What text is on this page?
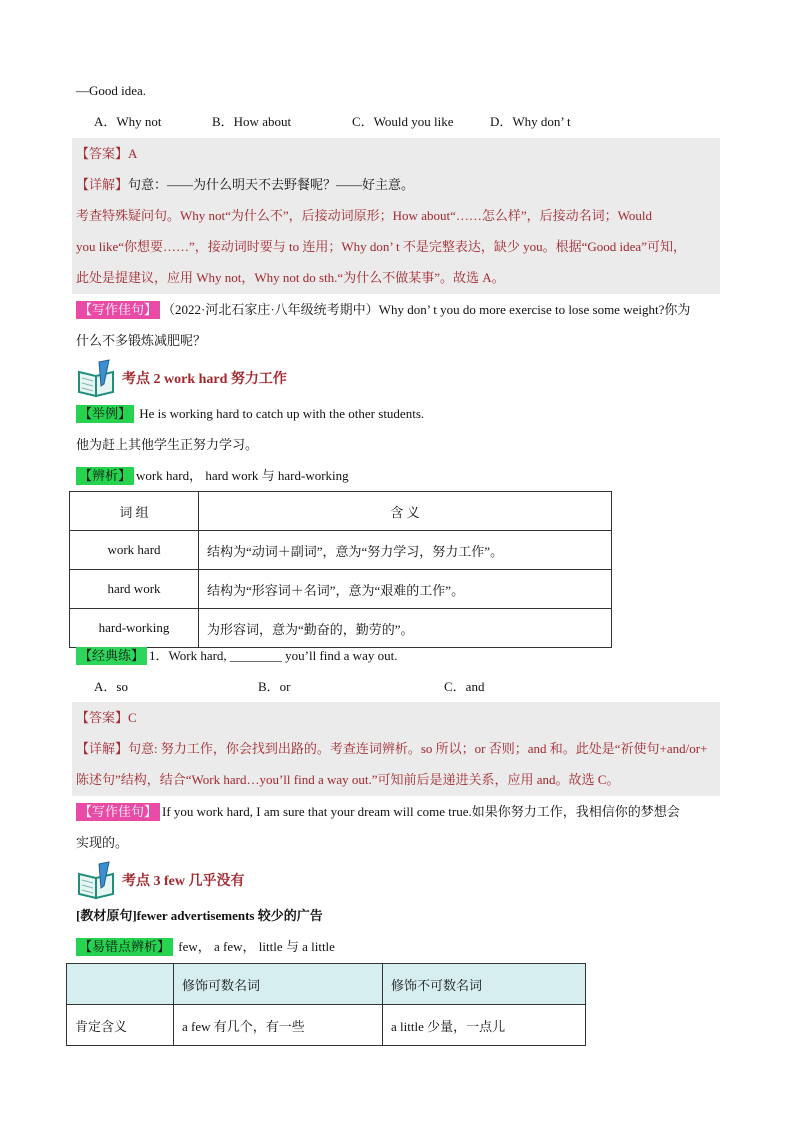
—Good idea.
A．Why not	B．How about	C．Would you like	D．Why don’ t
【答案】A
【详解】句意：——为什么明天不去野餐呢？——好主意。
考查特殊疑问句。Why not“为什么不”，后接动词原形；How about“……怎么样”，后接动名词；Would
you like“你想要……”，接动词时要与 to 连用；Why don’ t 不是完整表达，缺少 you。根据“Good idea”可知，
此处是提建议，应用 Why not，Why not do sth.“为什么不做某事”。故选 A。
【写作佳句】 （2022·河北石家庄·八年级统考期中）Why don’ t you do more exercise to lose some weight?你为
什么不多锻炼减肥呢？
考点 2 work hard 努力工作
【举例】 He is working hard to catch up with the other students.
他为赶上其他学生正努力学习。
【辨析】 work hard， hard work 与 hard-working
词 组	含 义
work hard	结构为“动词＋副词”，意为“努力学习，努力工作”。
hard work	结构为“形容词＋名词”，意为“艰难的工作”。
hard-working	为形容词，意为“勤奋的，勤劳的”。
【经典练】 1．Work hard, ________ you’ll find a way out.
A．so	B．or	C．and
【答案】C
【详解】句意: 努力工作，你会找到出路的。考查连词辨析。so 所以；or 否则；and 和。此处是“祈使句+and/or+
陈述句”结构，结合“Work hard…you’ll find a way out.”可知前后是递进关系，应用 and。故选 C。
【写作佳句】 If you work hard, I am sure that your dream will come true.如果你努力工作，我相信你的梦想会
实现的。
考点 3 few 几乎没有
[教材原句]fewer advertisements 较少的广告
【易错点辨析】 few， a few， little 与 a little
	修饰可数名词	修饰不可数名词
肯定含义	a few 有几个，有一些	a little 少量，一点儿
